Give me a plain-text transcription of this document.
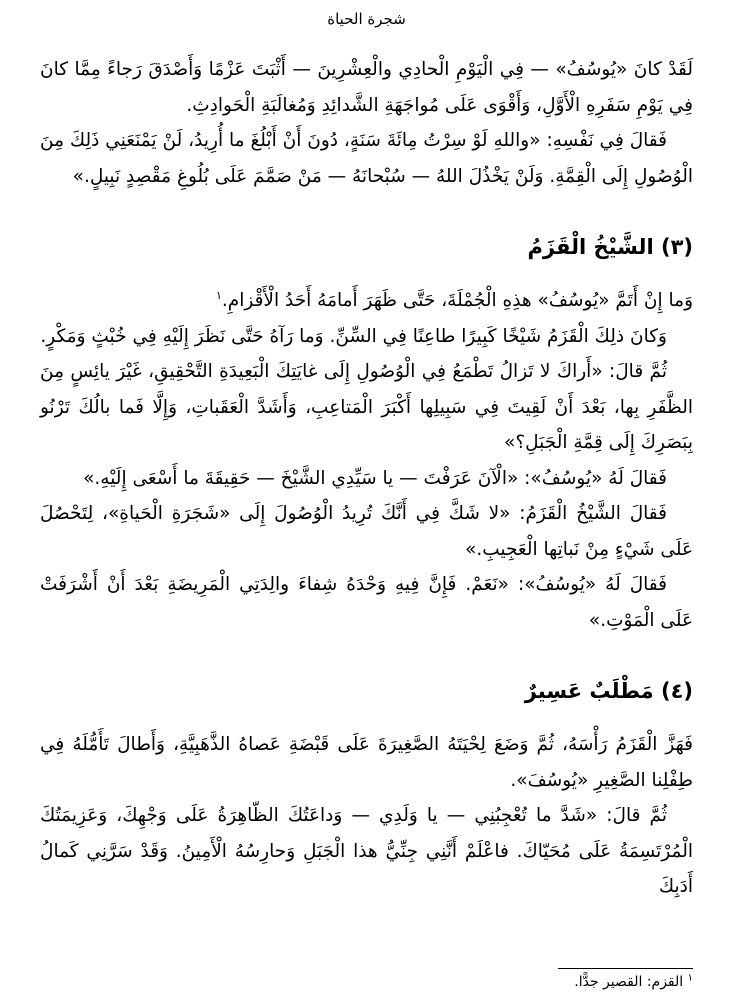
شجرة الحياة

لَقَدْ كانَ «يُوسُفُ» — فِي الْيَوْمِ الْحادِي والْعِشْرِينَ — أَثْبَتَ عَزْمًا وَأَصْدَقَ رَجاءً مِمَّا كانَ فِي يَوْمِ سَفَرِهِ الْأَوَّلِ، وَأَقْوَى عَلَى مُواجَهَةِ الشَّدائِدِ وَمُغالَبَةِ الْحَوادِثِ.

فَقالَ فِي نَفْسِهِ: «واللهِ لَوْ سِرْتُ مِائَةَ سَنَةٍ، دُونَ أَنْ أَبْلُغَ ما أُرِيدُ، لَنْ يَمْنَعَنِي ذَلِكَ مِنَ الْوُصُولِ إِلَى الْقِمَّةِ. وَلَنْ يَخْذُلَ اللهُ — سُبْحانَهُ — مَنْ صَمَّمَ عَلَى بُلُوغِ مَقْصِدٍ نَبِيلٍ.»

(٣) الشَّيْخُ الْقَزَمُ

وَما إِنْ أَتَمَّ «يُوسُفُ» هذِهِ الْجُمْلَةَ، حَتَّى ظَهَرَ أَمامَهُ أَحَدُ الْأَقْزامِ.$^١$

وَكانَ ذلِكَ الْقَزَمُ شَيْخًا كَبِيرًا طاعِنًا فِي السِّنِّ. وَما رَآهُ حَتَّى نَظَرَ إِلَيْهِ فِي خُبْثٍ وَمَكْرٍ.

ثُمَّ قالَ: «أَراكَ لا تَزالُ تَطْمَعُ فِي الْوُصُولِ إِلَى غايَتِكَ الْبَعِيدَةِ التَّحْقِيقِ، غَيْرَ يائِسٍ مِنَ الظَّفَرِ بِها، بَعْدَ أَنْ لَقِيتَ فِي سَبِيلِها أَكْبَرَ الْمَتاعِبِ، وَأَشَدَّ الْعَقَباتِ، وَإِلَّا فَما بالُكَ تَرْنُو بِبَصَرِكَ إِلَى قِمَّةِ الْجَبَلِ؟»

فَقالَ لَهُ «يُوسُفُ»: «الْآنَ عَرَفْتَ — يا سَيِّدِي الشَّيْخَ — حَقِيقَةَ ما أَسْعَى إِلَيْهِ.»

فَقالَ الشَّيْخُ الْقَزَمُ: «لا شَكَّ فِي أَنَّكَ تُرِيدُ الْوُصُولَ إِلَى «شَجَرَةِ الْحَياةِ»، لِتَحْصُلَ عَلَى شَيْءٍ مِنْ نَباتِها الْعَجِيبِ.»

فَقالَ لَهُ «يُوسُفُ»: «نَعَمْ. فَإِنَّ فِيهِ وَحْدَهُ شِفاءَ والِدَتِي الْمَرِيضَةِ بَعْدَ أَنْ أَشْرَفَتْ عَلَى الْمَوْتِ.»

(٤) مَطْلَبٌ عَسِيرٌ

فَهَزَّ الْقَزَمُ رَأْسَهُ، ثُمَّ وَضَعَ لِحْيَتَهُ الصَّغِيرَةَ عَلَى قَبْضَةِ عَصاهُ الذَّهَبِيَّةِ، وَأَطالَ تَأَمُّلَهُ فِي طِفْلِنا الصَّغِيرِ «يُوسُفَ».

ثُمَّ قالَ: «شَدَّ ما تُعْجِبُنِي — يا وَلَدِي — وَداعَتُكَ الظّاهِرَةُ عَلَى وَجْهِكَ، وَعَزِيمَتُكَ الْمُرْتَسِمَةُ عَلَى مُحَيّاكَ. فاعْلَمْ أَنَّنِي جِنِّيُّ هذا الْجَبَلِ وَحارِسُهُ الْأَمِينُ. وَقَدْ سَرَّنِي كَمالُ أَدَبِكَ

$^١$ القزم: القصير جدًّا.
